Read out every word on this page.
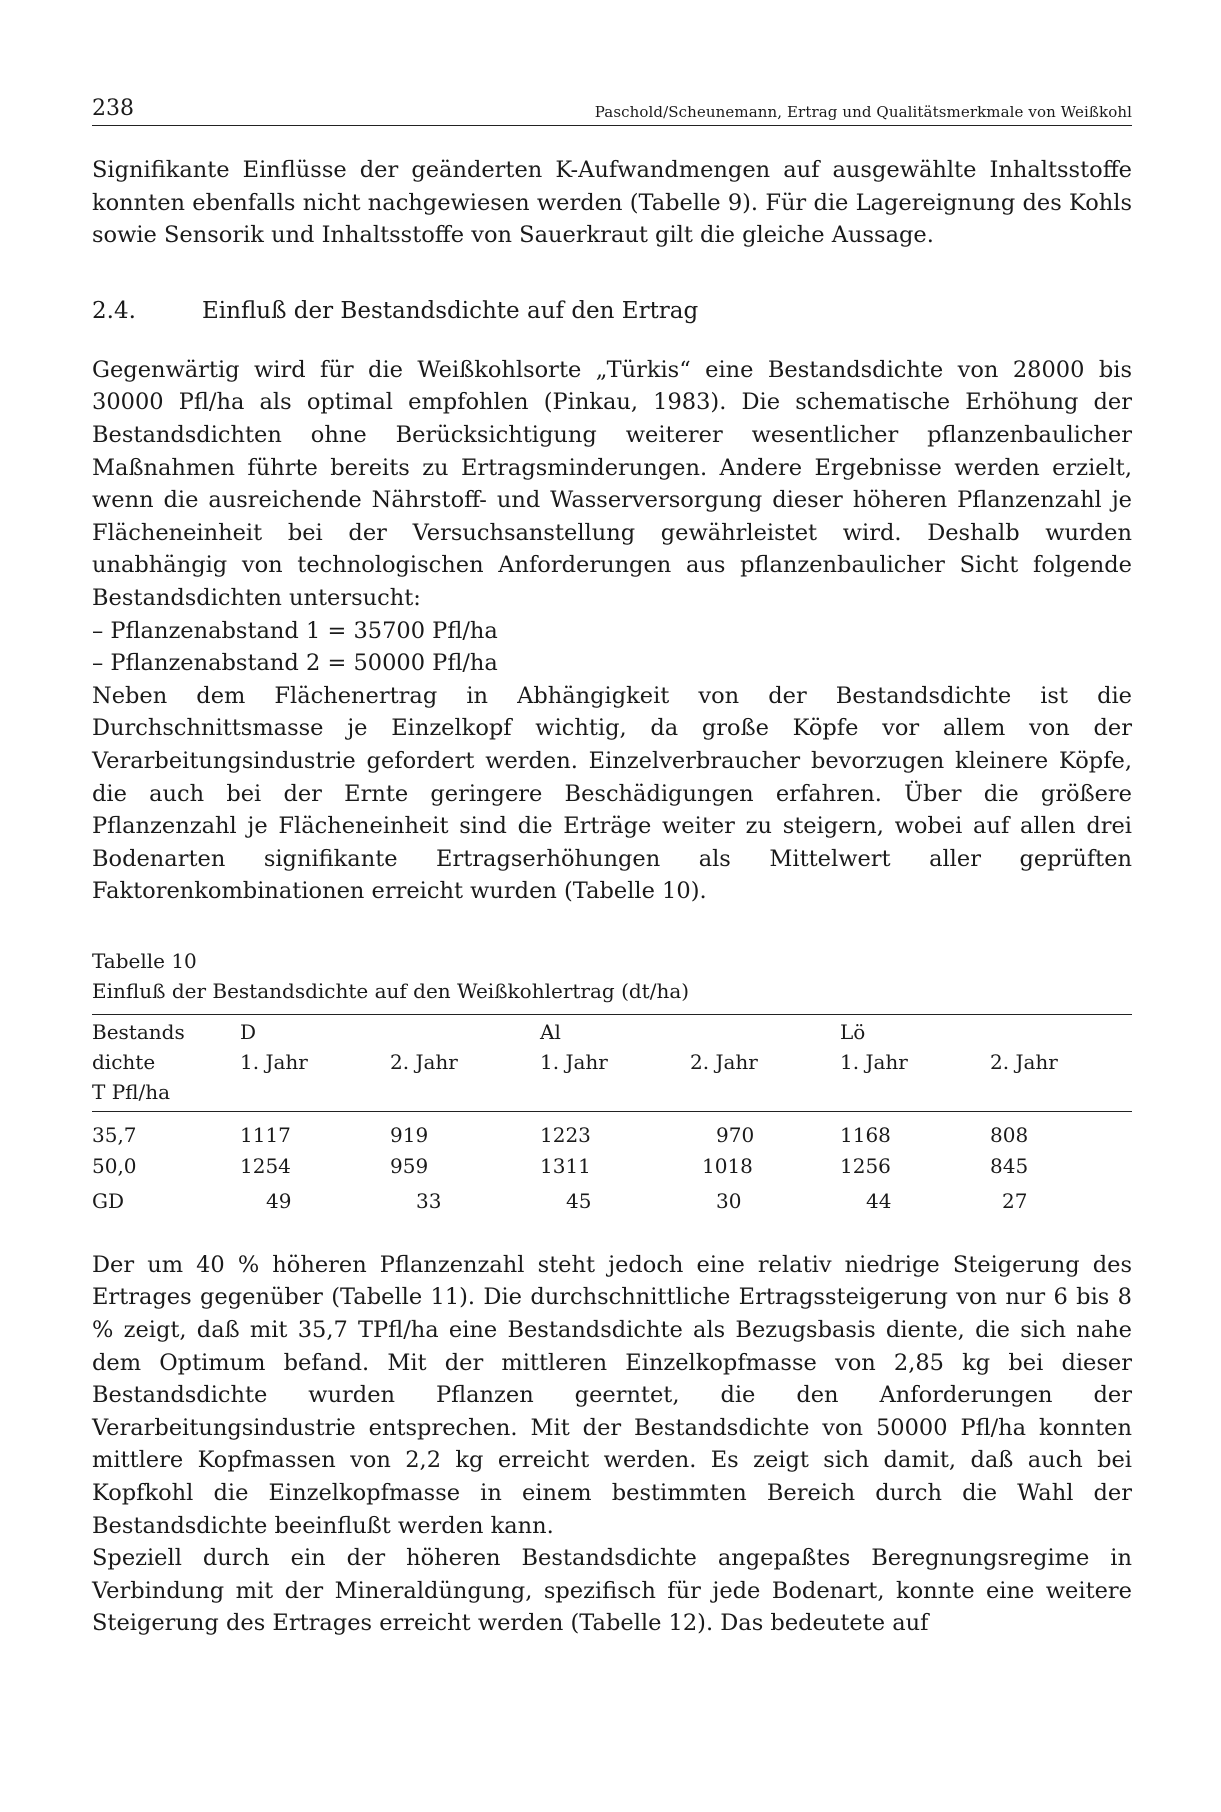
238	Paschold/Scheunemann, Ertrag und Qualitätsmerkmale von Weißkohl

Signifikante Einflüsse der geänderten K-Aufwandmengen auf ausgewählte Inhaltsstoffe konnten ebenfalls nicht nachgewiesen werden (Tabelle 9). Für die Lagereignung des Kohls sowie Sensorik und Inhaltsstoffe von Sauerkraut gilt die gleiche Aussage.

2.4.	Einfluß der Bestandsdichte auf den Ertrag

Gegenwärtig wird für die Weißkohlsorte „Türkis“ eine Bestandsdichte von 28000 bis 30000 Pfl/ha als optimal empfohlen (Pinkau, 1983). Die schematische Erhöhung der Bestandsdichten ohne Berücksichtigung weiterer wesentlicher pflanzenbaulicher Maßnahmen führte bereits zu Ertragsminderungen. Andere Ergebnisse werden erzielt, wenn die ausreichende Nährstoff- und Wasserversorgung dieser höheren Pflanzenzahl je Flächeneinheit bei der Versuchsanstellung gewährleistet wird. Deshalb wurden unabhängig von technologischen Anforderungen aus pflanzenbaulicher Sicht folgende Bestandsdichten untersucht:

– Pflanzenabstand 1 = 35700 Pfl/ha
– Pflanzenabstand 2 = 50000 Pfl/ha

Neben dem Flächenertrag in Abhängigkeit von der Bestandsdichte ist die Durchschnittsmasse je Einzelkopf wichtig, da große Köpfe vor allem von der Verarbeitungsindustrie gefordert werden. Einzelverbraucher bevorzugen kleinere Köpfe, die auch bei der Ernte geringere Beschädigungen erfahren. Über die größere Pflanzenzahl je Flächeneinheit sind die Erträge weiter zu steigern, wobei auf allen drei Bodenarten signifikante Ertragserhöhungen als Mittelwert aller geprüften Faktorenkombinationen erreicht wurden (Tabelle 10).

Tabelle 10
Einfluß der Bestandsdichte auf den Weißkohlertrag (dt/ha)
Bestands	D		Al		Lö	
dichte	1. Jahr	2. Jahr	1. Jahr	2. Jahr	1. Jahr	2. Jahr
T Pfl/ha						
35,7	1117	919	1223	970	1168	808
50,0	1254	959	1311	1018	1256	845
GD	49	33	45	30	44	27

Der um 40 % höheren Pflanzenzahl steht jedoch eine relativ niedrige Steigerung des Ertrages gegenüber (Tabelle 11). Die durchschnittliche Ertragssteigerung von nur 6 bis 8 % zeigt, daß mit 35,7 TPfl/ha eine Bestandsdichte als Bezugsbasis diente, die sich nahe dem Optimum befand. Mit der mittleren Einzelkopfmasse von 2,85 kg bei dieser Bestandsdichte wurden Pflanzen geerntet, die den Anforderungen der Verarbeitungsindustrie entsprechen. Mit der Bestandsdichte von 50000 Pfl/ha konnten mittlere Kopfmassen von 2,2 kg erreicht werden. Es zeigt sich damit, daß auch bei Kopfkohl die Einzelkopfmasse in einem bestimmten Bereich durch die Wahl der Bestandsdichte beeinflußt werden kann.

Speziell durch ein der höheren Bestandsdichte angepaßtes Beregnungsregime in Verbindung mit der Mineraldüngung, spezifisch für jede Bodenart, konnte eine weitere Steigerung des Ertrages erreicht werden (Tabelle 12). Das bedeutete auf
